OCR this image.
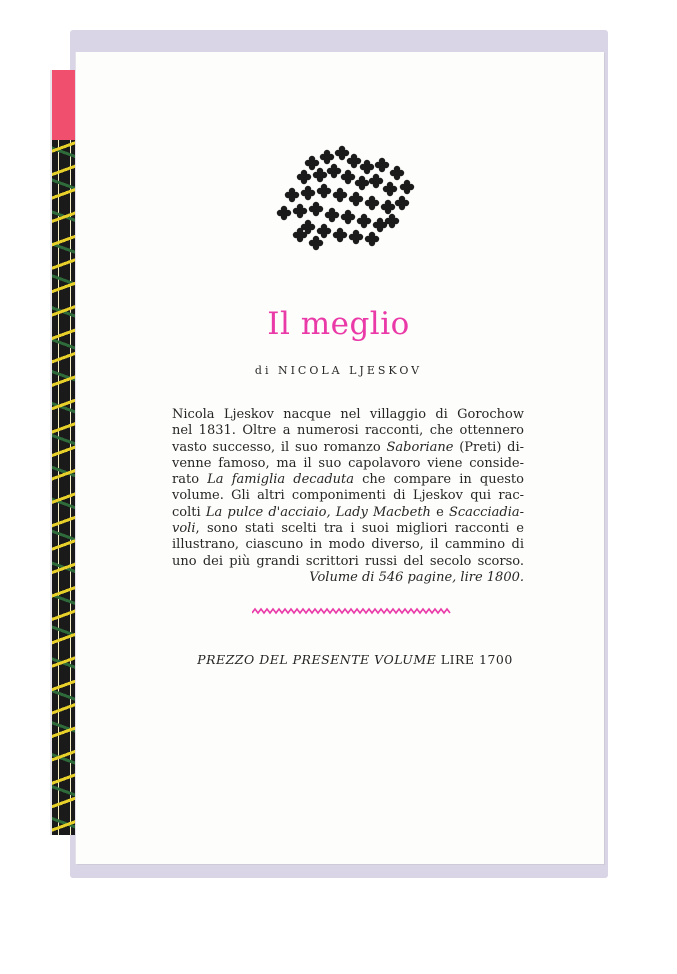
Il meglio
di NICOLA LJESKOV
Nicola Ljeskov nacque nel villaggio di Gorochow
nel 1831. Oltre a numerosi racconti, che ottennero
vasto successo, il suo romanzo Saboriane (Preti) di-
venne famoso, ma il suo capolavoro viene conside-
rato La famiglia decaduta che compare in questo
volume. Gli altri componimenti di Ljeskov qui rac-
colti La pulce d'acciaio, Lady Macbeth e Scacciadia-
voli, sono stati scelti tra i suoi migliori racconti e
illustrano, ciascuno in modo diverso, il cammino di
uno dei più grandi scrittori russi del secolo scorso.
Volume di 546 pagine, lire 1800.
PREZZO DEL PRESENTE VOLUME LIRE 1700
